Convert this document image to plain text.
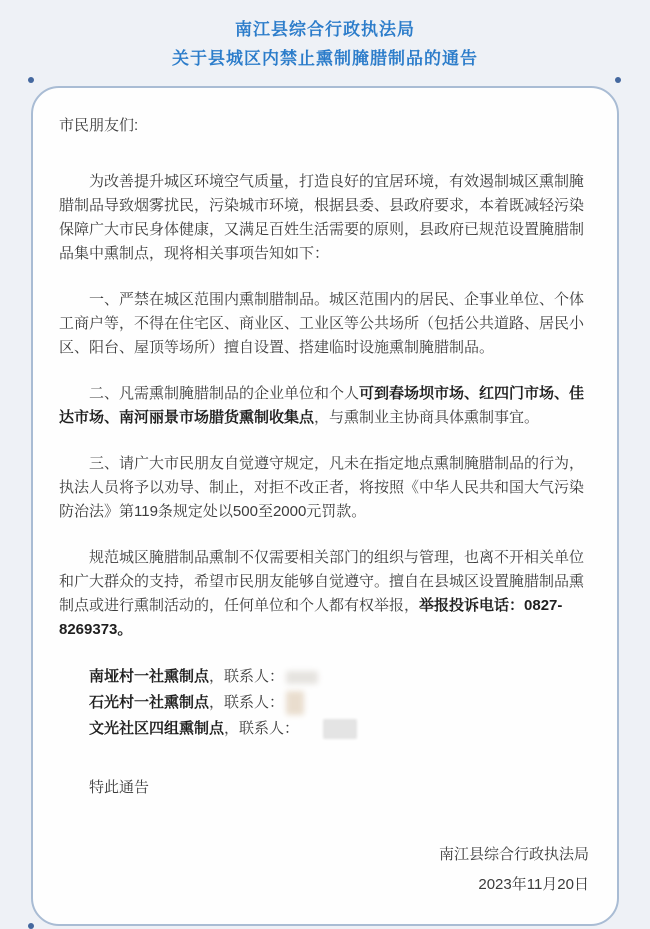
南江县综合行政执法局
关于县城区内禁止熏制腌腊制品的通告

市民朋友们:

为改善提升城区环境空气质量，打造良好的宜居环境，有效遏制城区熏制腌腊制品导致烟雾扰民，污染城市环境，根据县委、县政府要求，本着既减轻污染保障广大市民身体健康，又满足百姓生活需要的原则，县政府已规范设置腌腊制品集中熏制点，现将相关事项告知如下：

一、严禁在城区范围内熏制腊制品。城区范围内的居民、企事业单位、个体工商户等，不得在住宅区、商业区、工业区等公共场所（包括公共道路、居民小区、阳台、屋顶等场所）擅自设置、搭建临时设施熏制腌腊制品。

二、凡需熏制腌腊制品的企业单位和个人可到春场坝市场、红四门市场、佳达市场、南河丽景市场腊货熏制收集点，与熏制业主协商具体熏制事宜。

三、请广大市民朋友自觉遵守规定，凡未在指定地点熏制腌腊制品的行为，执法人员将予以劝导、制止，对拒不改正者，将按照《中华人民共和国大气污染防治法》第119条规定处以500至2000元罚款。

规范城区腌腊制品熏制不仅需要相关部门的组织与管理，也离不开相关单位和广大群众的支持，希望市民朋友能够自觉遵守。擅自在县城区设置腌腊制品熏制点或进行熏制活动的，任何单位和个人都有权举报，举报投诉电话：0827-8269373。

南垭村一社熏制点，联系人：
石光村一社熏制点，联系人：
文光社区四组熏制点，联系人：

特此通告

南江县综合行政执法局
2023年11月20日
